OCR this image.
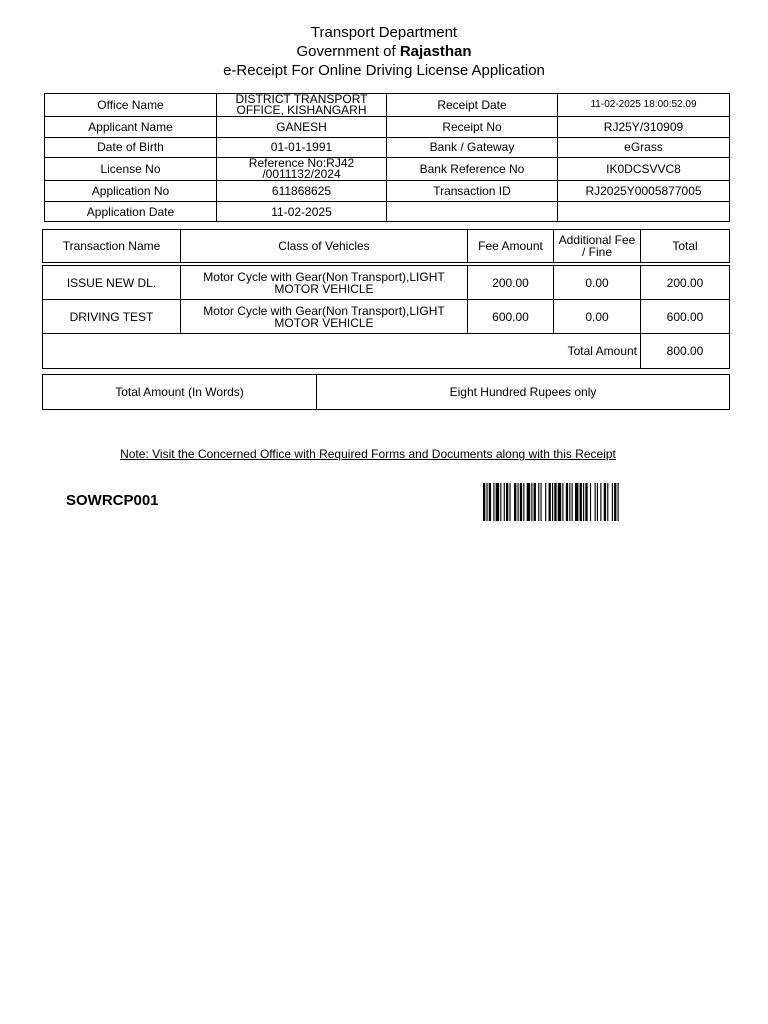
Transport Department
Government of Rajasthan
e-Receipt For Online Driving License Application
Office Name	DISTRICT TRANSPORT OFFICE, KISHANGARH	Receipt Date	11-02-2025 18:00:52.09
Applicant Name	GANESH	Receipt No	RJ25Y/310909
Date of Birth	01-01-1991	Bank / Gateway	eGrass
License No	Reference No:RJ42 /0011132/2024	Bank Reference No	IK0DCSVVC8
Application No	611868625	Transaction ID	RJ2025Y0005877005
Application Date	11-02-2025		
Transaction Name	Class of Vehicles	Fee Amount	Additional Fee / Fine	Total

ISSUE NEW DL.	Motor Cycle with Gear(Non Transport),LIGHT MOTOR VEHICLE	200.00	0.00	200.00
DRIVING TEST	Motor Cycle with Gear(Non Transport),LIGHT MOTOR VEHICLE	600.00	0.00	600.00
Total Amount				800.00
Total Amount (In Words)	Eight Hundred Rupees only
Note: Visit the Concerned Office with Required Forms and Documents along with this Receipt
SOWRCP001
